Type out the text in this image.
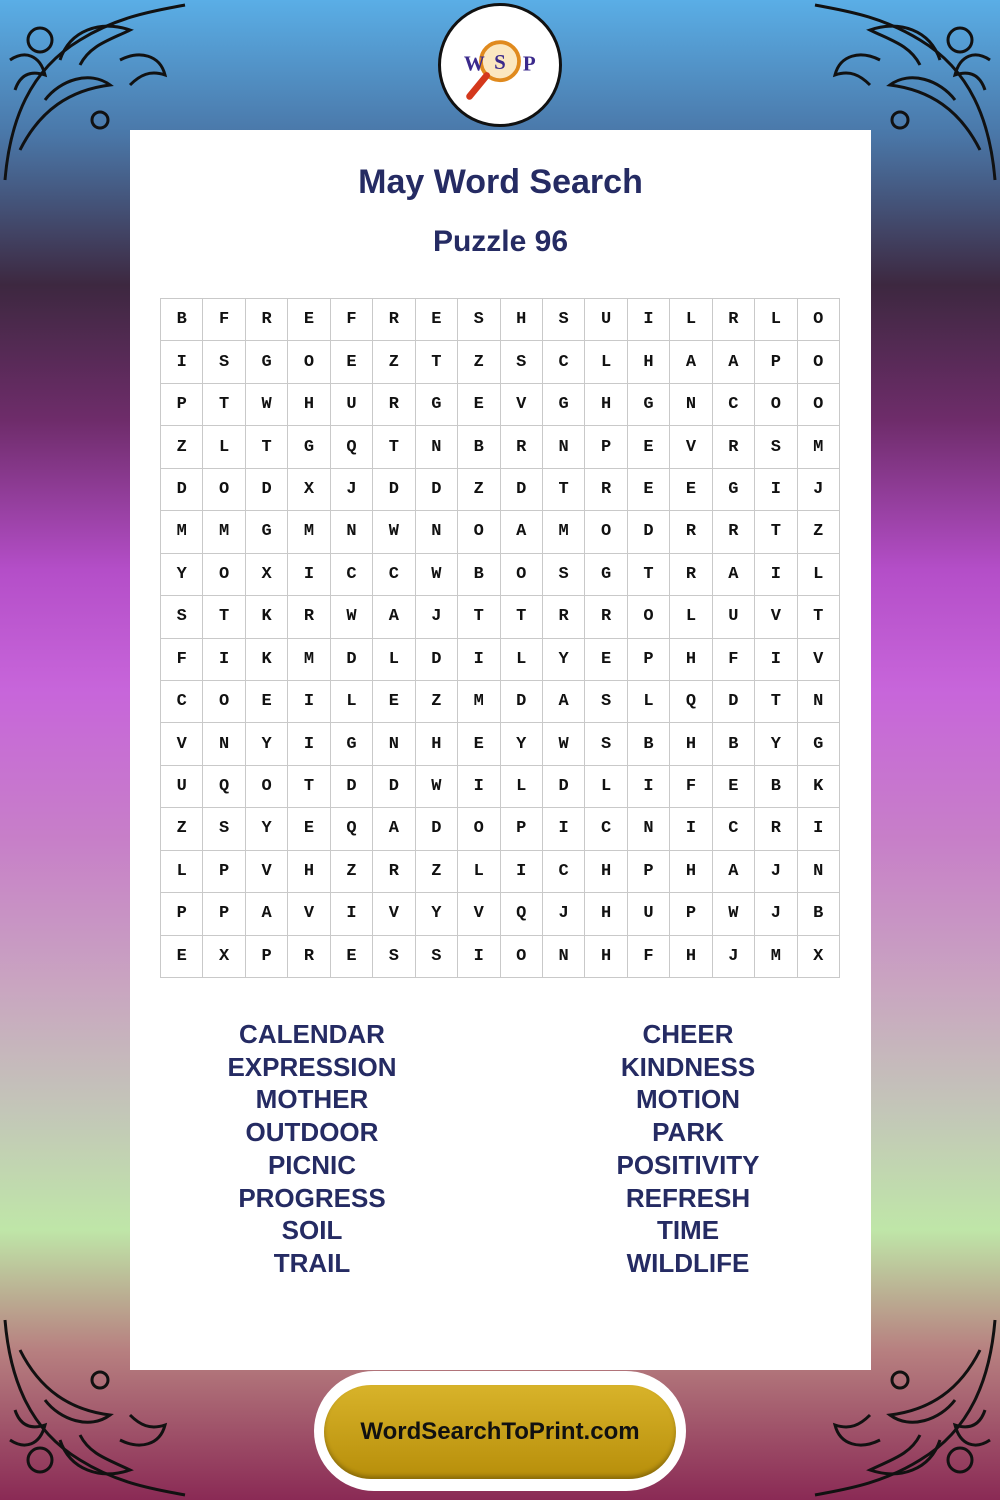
W S P
May Word Search
Puzzle 96
B	F	R	E	F	R	E	S	H	S	U	I	L	R	L	O
I	S	G	O	E	Z	T	Z	S	C	L	H	A	A	P	O
P	T	W	H	U	R	G	E	V	G	H	G	N	C	O	O
Z	L	T	G	Q	T	N	B	R	N	P	E	V	R	S	M
D	O	D	X	J	D	D	Z	D	T	R	E	E	G	I	J
M	M	G	M	N	W	N	O	A	M	O	D	R	R	T	Z
Y	O	X	I	C	C	W	B	O	S	G	T	R	A	I	L
S	T	K	R	W	A	J	T	T	R	R	O	L	U	V	T
F	I	K	M	D	L	D	I	L	Y	E	P	H	F	I	V
C	O	E	I	L	E	Z	M	D	A	S	L	Q	D	T	N
V	N	Y	I	G	N	H	E	Y	W	S	B	H	B	Y	G
U	Q	O	T	D	D	W	I	L	D	L	I	F	E	B	K
Z	S	Y	E	Q	A	D	O	P	I	C	N	I	C	R	I
L	P	V	H	Z	R	Z	L	I	C	H	P	H	A	J	N
P	P	A	V	I	V	Y	V	Q	J	H	U	P	W	J	B
E	X	P	R	E	S	S	I	O	N	H	F	H	J	M	X
CALENDAR
EXPRESSION
MOTHER
OUTDOOR
PICNIC
PROGRESS
SOIL
TRAIL
CHEER
KINDNESS
MOTION
PARK
POSITIVITY
REFRESH
TIME
WILDLIFE
WordSearchToPrint.com
